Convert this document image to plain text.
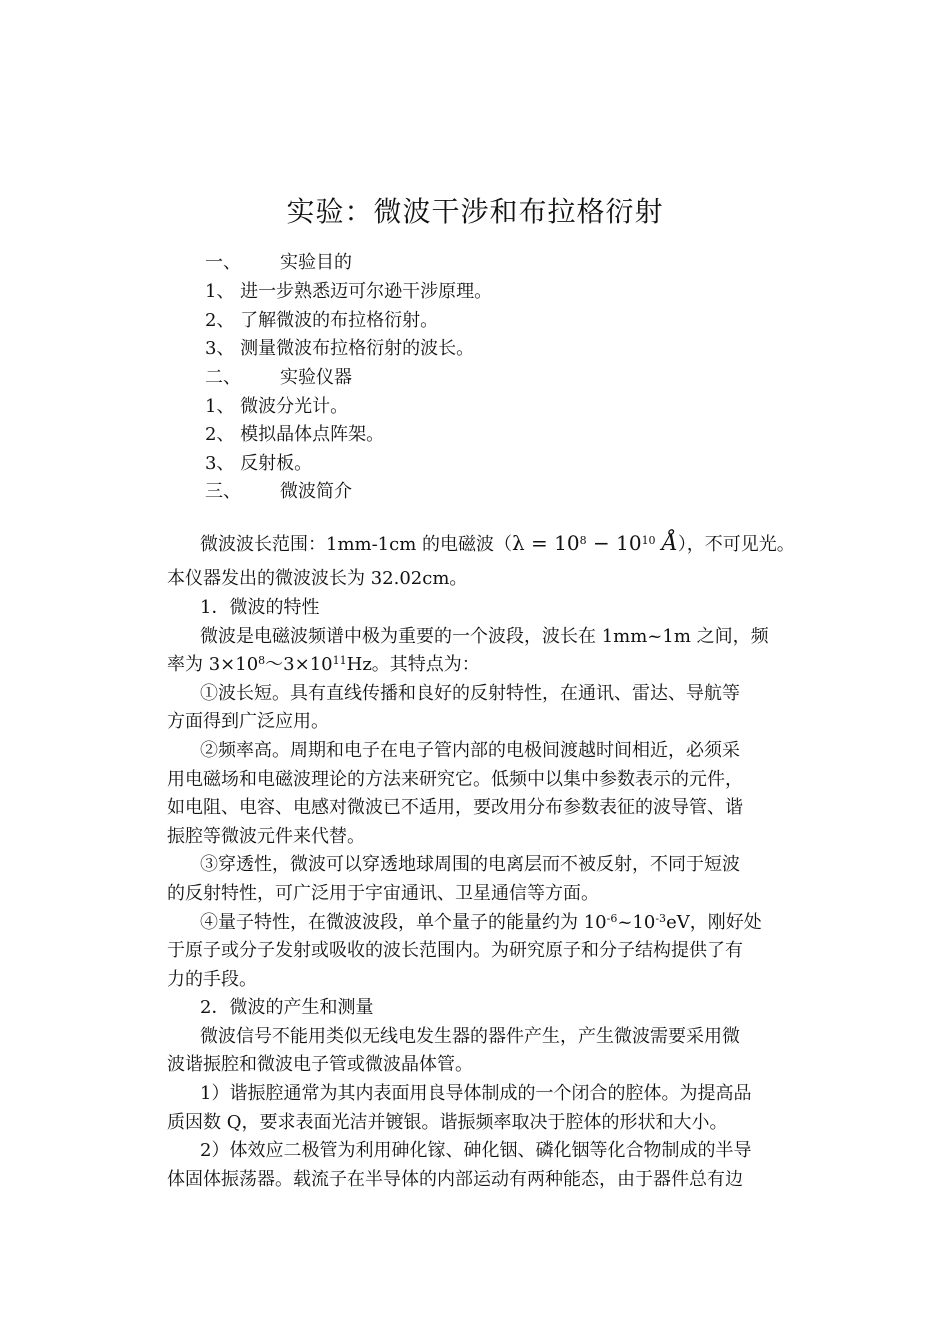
实验：微波干涉和布拉格衍射
一、 实验目的
1、 进一步熟悉迈可尔逊干涉原理。
2、 了解微波的布拉格衍射。
3、 测量微波布拉格衍射的波长。
二、 实验仪器
1、 微波分光计。
2、 模拟晶体点阵架。
3、 反射板。
三、 微波简介
微波波长范围：1mm-1cm 的电磁波（$\lambda = 10^8 - 10^{10}$ Å），不可见光。
本仪器发出的微波波长为 32.02cm。
1．微波的特性
微波是电磁波频谱中极为重要的一个波段，波长在 1mm~1m 之间，频
率为 $3\times 10^8\sim 3\times 10^{11}Hz$。其特点为：
①波长短。具有直线传播和良好的反射特性，在通讯、雷达、导航等
方面得到广泛应用。
②频率高。周期和电子在电子管内部的电极间渡越时间相近，必须采
用电磁场和电磁波理论的方法来研究它。低频中以集中参数表示的元件，
如电阻、电容、电感对微波已不适用，要改用分布参数表征的波导管、谐
振腔等微波元件来代替。
③穿透性，微波可以穿透地球周围的电离层而不被反射，不同于短波
的反射特性，可广泛用于宇宙通讯、卫星通信等方面。
④量子特性，在微波波段，单个量子的能量约为 $10^{-6}\sim 10^{-3}eV$，刚好处
于原子或分子发射或吸收的波长范围内。为研究原子和分子结构提供了有
力的手段。
2．微波的产生和测量
微波信号不能用类似无线电发生器的器件产生，产生微波需要采用微
波谐振腔和微波电子管或微波晶体管。
1）谐振腔通常为其内表面用良导体制成的一个闭合的腔体。为提高品
质因数 Q，要求表面光洁并镀银。谐振频率取决于腔体的形状和大小。
2）体效应二极管为利用砷化镓、砷化铟、磷化铟等化合物制成的半导
体固体振荡器。载流子在半导体的内部运动有两种能态，由于器件总有边
